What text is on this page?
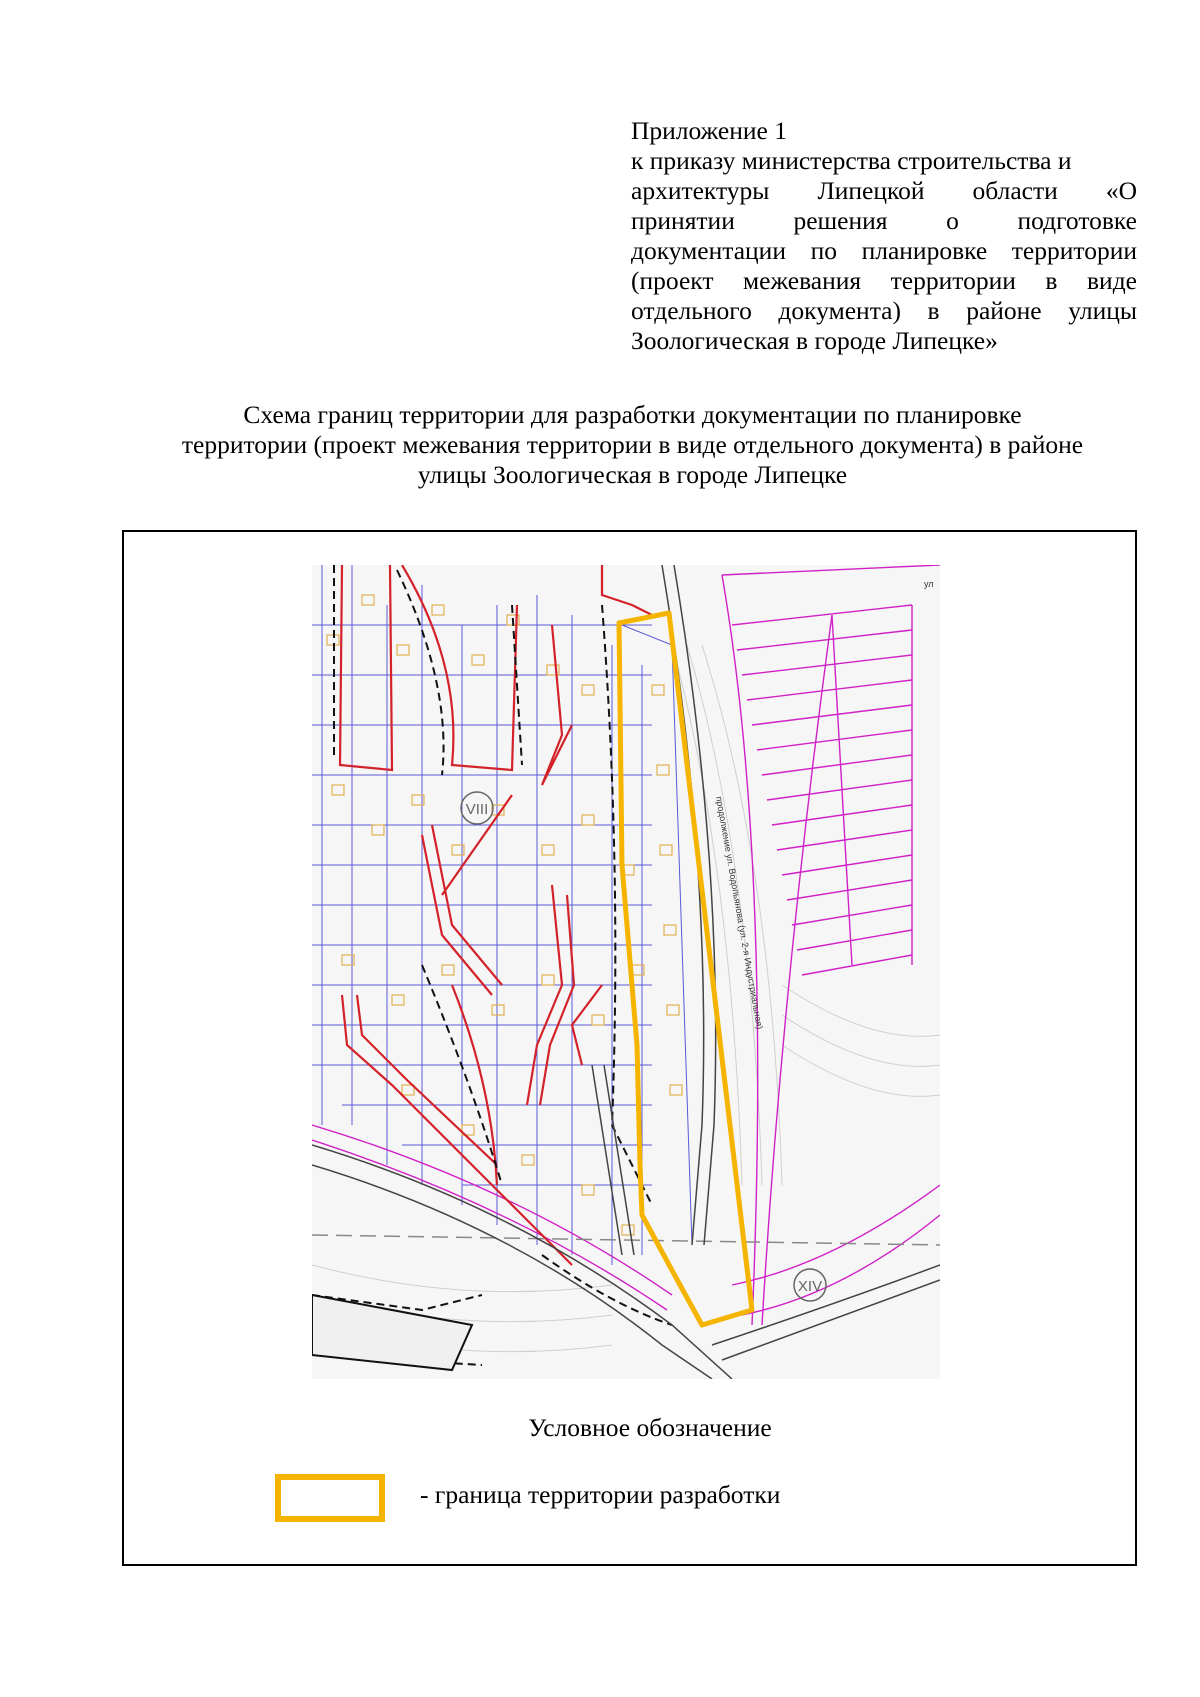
Приложение 1
к приказу министерства строительства и
архитектуры Липецкой области «О
принятии решения о подготовке
документации по планировке территории
(проект межевания территории в виде
отдельного документа) в районе улицы
Зоологическая в городе Липецке»
Схема границ территории для разработки документации по планировке
территории (проект межевания территории в виде отдельного документа) в районе
улицы Зоологическая в городе Липецке
VIII
XIV
продолжение ул. Водопьянова (ул. 2-я Индустриальная)
ул
Условное обозначение
- граница территории разработки
